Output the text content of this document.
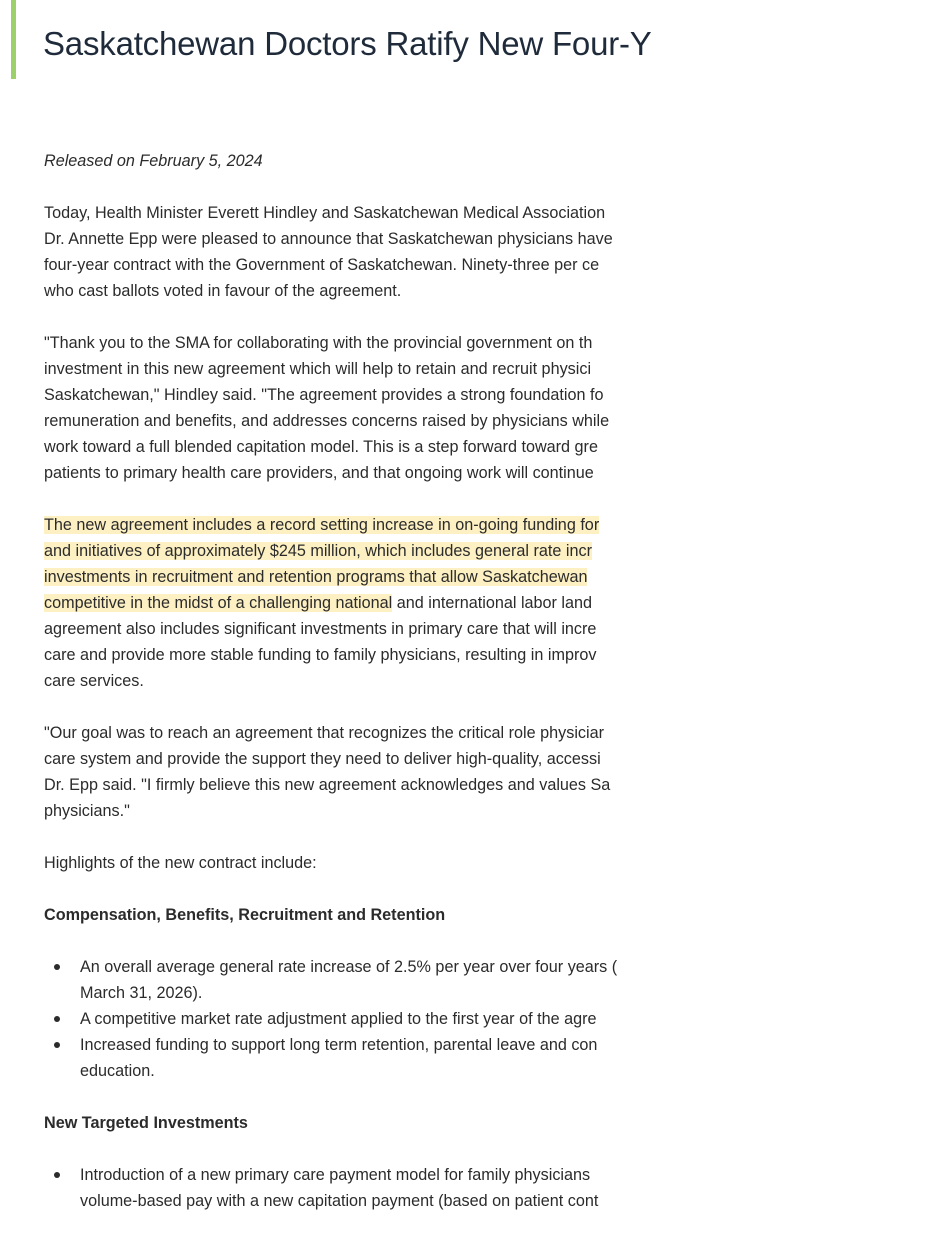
Saskatchewan Doctors Ratify New Four-Y

Released on February 5, 2024

Today, Health Minister Everett Hindley and Saskatchewan Medical Association
Dr. Annette Epp were pleased to announce that Saskatchewan physicians have
four-year contract with the Government of Saskatchewan. Ninety-three per ce
who cast ballots voted in favour of the agreement.

"Thank you to the SMA for collaborating with the provincial government on th
investment in this new agreement which will help to retain and recruit physici
Saskatchewan," Hindley said. "The agreement provides a strong foundation fo
remuneration and benefits, and addresses concerns raised by physicians while
work toward a full blended capitation model. This is a step forward toward gre
patients to primary health care providers, and that ongoing work will continue

The new agreement includes a record setting increase in on-going funding for
and initiatives of approximately $245 million, which includes general rate incr
investments in recruitment and retention programs that allow Saskatchewan
competitive in the midst of a challenging national and international labor land
agreement also includes significant investments in primary care that will incre
care and provide more stable funding to family physicians, resulting in improv
care services.

"Our goal was to reach an agreement that recognizes the critical role physiciar
care system and provide the support they need to deliver high-quality, accessi
Dr. Epp said. "I firmly believe this new agreement acknowledges and values Sa
physicians."

Highlights of the new contract include:

Compensation, Benefits, Recruitment and Retention

An overall average general rate increase of 2.5% per year over four years (
March 31, 2026).
A competitive market rate adjustment applied to the first year of the agre
Increased funding to support long term retention, parental leave and con
education.

New Targeted Investments

Introduction of a new primary care payment model for family physicians
volume-based pay with a new capitation payment (based on patient cont
